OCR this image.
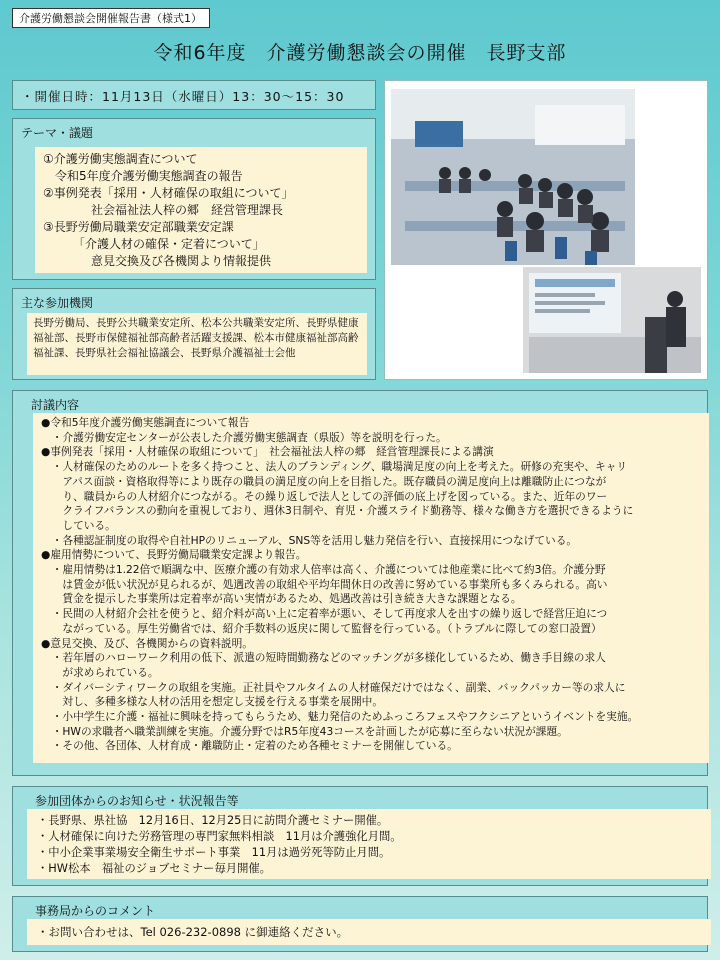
介護労働懇談会開催報告書（様式1）
令和6年度　介護労働懇談会の開催　長野支部
・開催日時：11月13日（水曜日）13：30～15：30
テーマ・議題
①介護労働実態調査について
　令和5年度介護労働実態調査の報告
②事例発表「採用・人材確保の取組について」
　　　　社会福祉法人梓の郷　経営管理課長
③長野労働局職業安定部職業安定課
　　　「介護人材の確保・定着について」
　　　　意見交換及び各機関より情報提供
主な参加機関
長野労働局、長野公共職業安定所、松本公共職業安定所、長野県健康福祉部、長野市保健福祉部高齢者活躍支援課、松本市健康福祉部高齢福祉課、長野県社会福祉協議会、長野県介護福祉士会他
討議内容
●令和5年度介護労働実態調査について報告
　・介護労働安定センターが公表した介護労働実態調査（県版）等を説明を行った。
●事例発表「採用・人材確保の取組について」　社会福祉法人梓の郷　経営管理課長による講演
　・人材確保のためのルートを多く持つこと、法人のブランディング、職場満足度の向上を考えた。研修の充実や、キャリ
　　アパス面談・資格取得等により既存の職員の満足度の向上を目指した。既存職員の満足度向上は離職防止につなが
　　り、職員からの人材紹介につながる。その繰り返しで法人としての評価の底上げを図っている。また、近年のワー
　　クライフバランスの動向を重視しており、週休3日制や、育児・介護スライド勤務等、様々な働き方を選択できるように
　　している。
　・各種認証制度の取得や自社HPのリニューアル、SNS等を活用し魅力発信を行い、直接採用につなげている。
●雇用情勢について、長野労働局職業安定課より報告。
　・雇用情勢は1.22倍で順調な中、医療介護の有効求人倍率は高く、介護については他産業に比べて約3倍。介護分野
　　は賃金が低い状況が見られるが、処遇改善の取組や平均年間休日の改善に努めている事業所も多くみられる。高い
　　賃金を提示した事業所は定着率が高い実情があるため、処遇改善は引き続き大きな課題となる。
　・民間の人材紹介会社を使うと、紹介料が高い上に定着率が悪い、そして再度求人を出すの繰り返しで経営圧迫につ
　　ながっている。厚生労働省では、紹介手数料の返戻に関して監督を行っている。（トラブルに際しての窓口設置）
●意見交換、及び、各機関からの資料説明。
　・若年層のハローワーク利用の低下、派遣の短時間勤務などのマッチングが多様化しているため、働き手目線の求人
　　が求められている。
　・ダイバーシティワークの取組を実施。正社員やフルタイムの人材確保だけではなく、副業、バックパッカー等の求人に
　　対し、多種多様な人材の活用を想定し支援を行える事業を展開中。
　・小中学生に介護・福祉に興味を持ってもらうため、魅力発信のためふっころフェスやフクシニアというイベントを実施。
　・HWの求職者へ職業訓練を実施。介護分野ではR5年度43コースを計画したが応募に至らない状況が課題。
　・その他、各団体、人材育成・離職防止・定着のため各種セミナーを開催している。
参加団体からのお知らせ・状況報告等
・長野県、県社協　12月16日、12月25日に訪問介護セミナー開催。
・人材確保に向けた労務管理の専門家無料相談　11月は介護強化月間。
・中小企業事業場安全衛生サポート事業　11月は過労死等防止月間。
・HW松本　福祉のジョブセミナー毎月開催。
事務局からのコメント
・お問い合わせは、Tel 026-232-0898 に御連絡ください。
